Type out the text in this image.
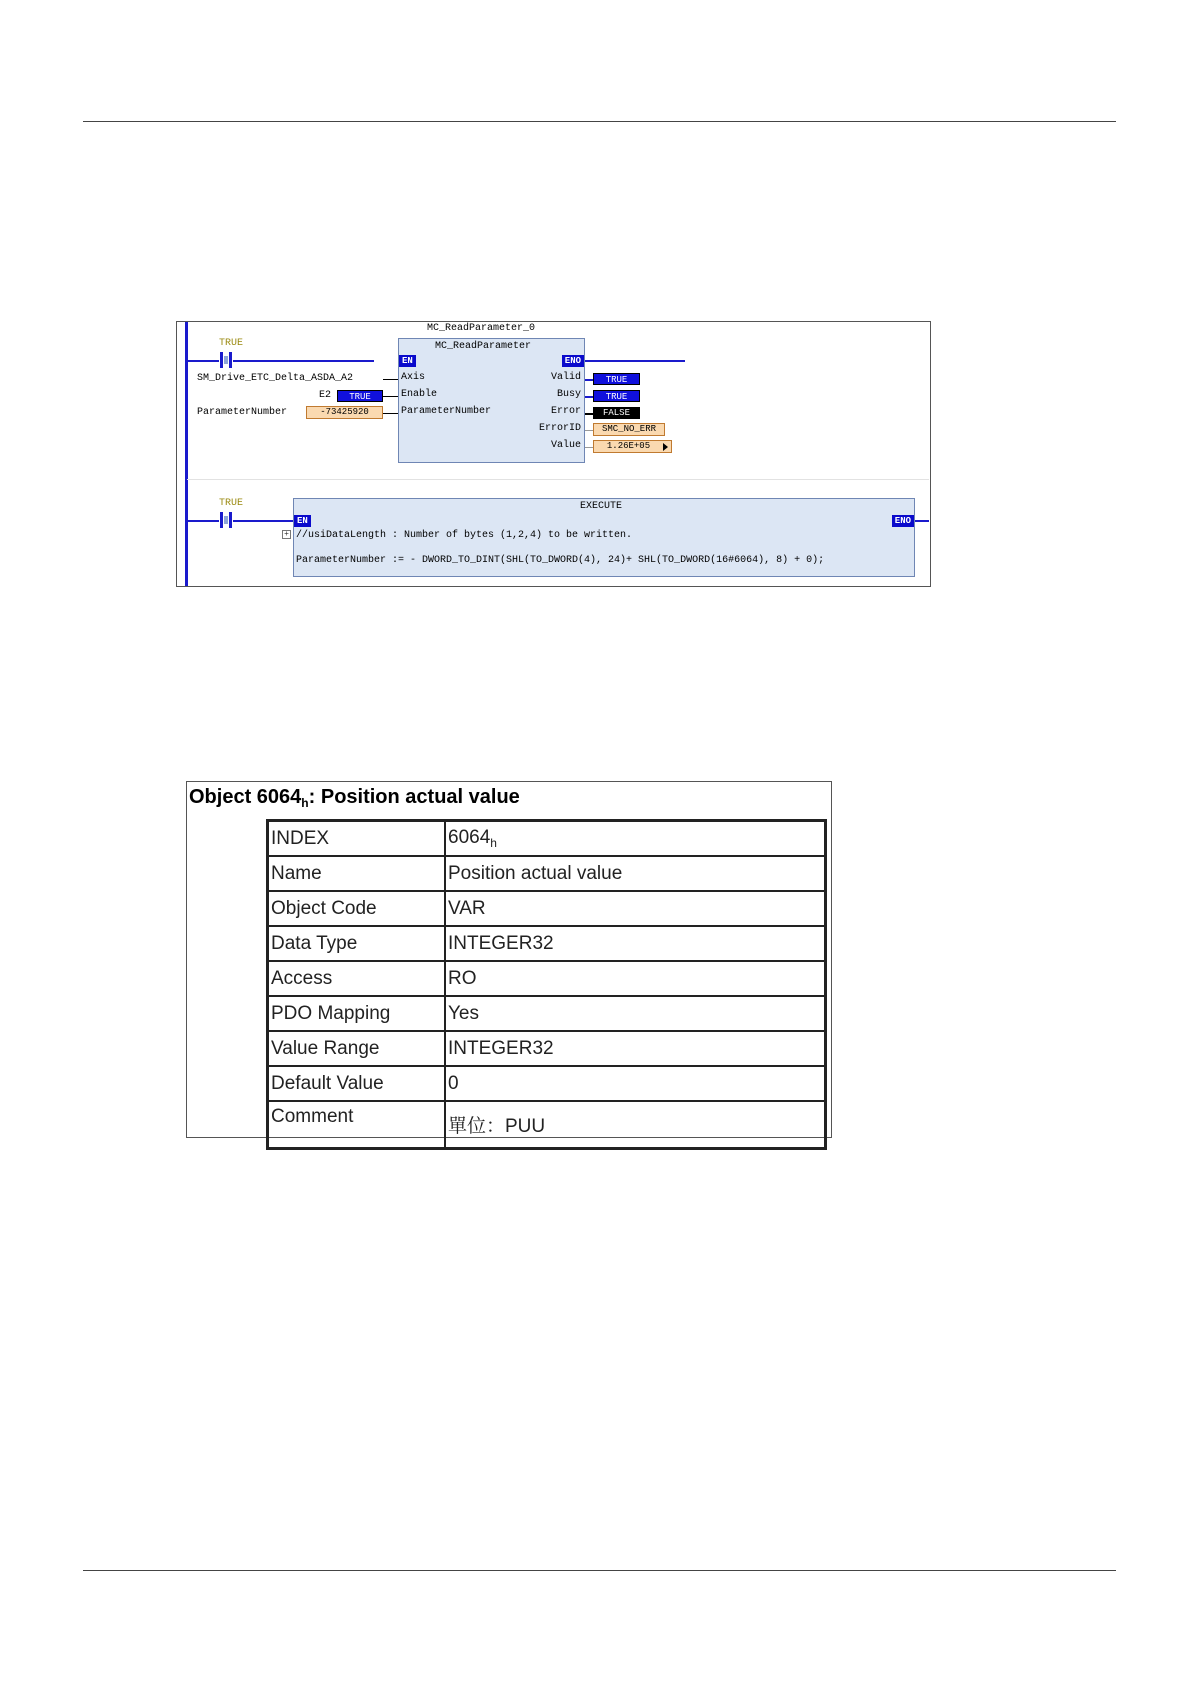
TRUE
MC_ReadParameter_0
MC_ReadParameter
EN	ENO
Axis
Enable
ParameterNumber
Valid
Busy
Error
ErrorID
Value
SM_Drive_ETC_Delta_ASDA_A2
E2	TRUE
ParameterNumber	-73425920
TRUE
TRUE
FALSE
SMC_NO_ERR
1.26E+05
TRUE	EXECUTE
EN	ENO
//usiDataLength : Number of bytes (1,2,4) to be written.
ParameterNumber := - DWORD_TO_DINT(SHL(TO_DWORD(4), 24)+ SHL(TO_DWORD(16#6064), 8) + 0);
+
Object $6064_h$: Position actual value
INDEX	$6064_h$
Name	Position actual value
Object Code	VAR
Data Type	INTEGER32
Access	RO
PDO Mapping	Yes
Value Range	INTEGER32
Default Value	0
Comment	單位：PUU
